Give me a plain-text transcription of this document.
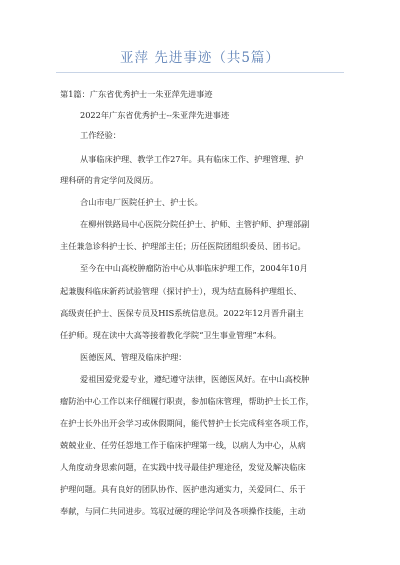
亚萍 先进事迹（共5篇）
第1篇：广东省优秀护士一朱亚萍先进事迹
2022年广东省优秀护士--朱亚萍先进事迹
工作经验：
从事临床护理、教学工作27年。具有临床工作、护理管理、护
理科研的肯定学问及阅历。
合山市电厂医院任护士、护士长。
在柳州铁路局中心医院分院任护士、护师、主管护师、护理部副
主任兼急诊科护士长、护理部主任；历任医院团组织委员、团书记。
至今在中山高校肿瘤防治中心从事临床护理工作，2004年10月
起兼腹科临床新药试验管理（探讨护士），现为结直肠科护理组长、
高级责任护士、医保专员及HIS系统信息员。2022年12月晋升副主
任护师。现在读中大高等接着教化学院“卫生事业管理”本科。
医德医风、管理及临床护理：
爱祖国爱党爱专业，遵纪遵守法律，医德医风好。在中山高校肿
瘤防治中心工作以来仔细履行职责，参加临床管理，帮助护士长工作，
在护士长外出开会学习或休假期间，能代替护士长完成科室各项工作，
兢兢业业、任劳任怨地工作于临床护理第一线，以病人为中心，从病
人角度动身思索问题，在实践中找寻最佳护理途径，发觉及解决临床
护理问题。具有良好的团队协作、医护患沟通实力，关爱同仁、乐于
奉献，与同仁共同进步。笃驭过硬的理论学问及各项操作技能，主动
